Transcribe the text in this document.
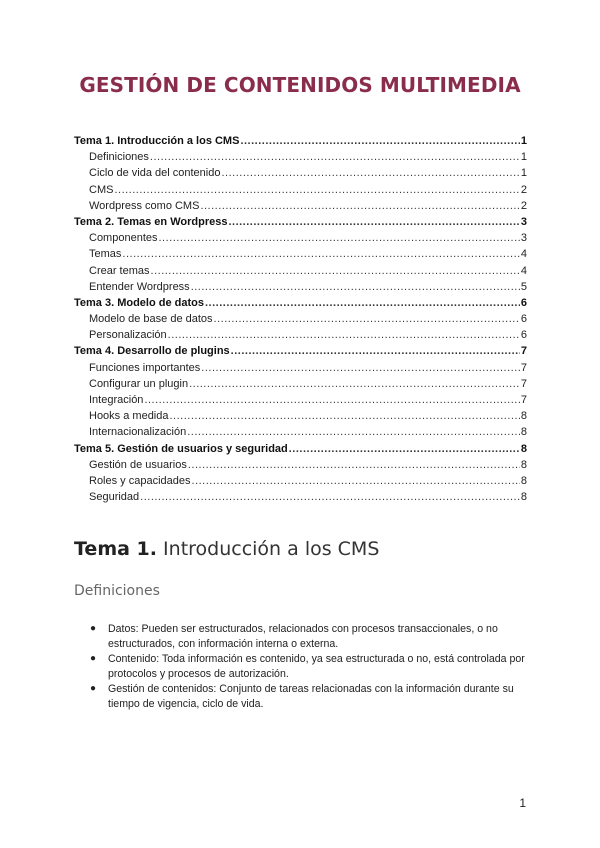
GESTIÓN DE CONTENIDOS MULTIMEDIA
Tema 1. Introducción a los CMS .....	1
Definiciones .....	1
Ciclo de vida del contenido .....	1
CMS .....	2
Wordpress como CMS .....	2
Tema 2. Temas en Wordpress .....	3
Componentes .....	3
Temas .....	4
Crear temas .....	4
Entender Wordpress .....	5
Tema 3. Modelo de datos .....	6
Modelo de base de datos .....	6
Personalización .....	6
Tema 4. Desarrollo de plugins .....	7
Funciones importantes .....	7
Configurar un plugin .....	7
Integración .....	7
Hooks a medida .....	8
Internacionalización .....	8
Tema 5. Gestión de usuarios y seguridad .....	8
Gestión de usuarios .....	8
Roles y capacidades .....	8
Seguridad .....	8
Tema 1. Introducción a los CMS
Definiciones
● Datos: Pueden ser estructurados, relacionados con procesos transaccionales, o no estructurados, con información interna o externa.
● Contenido: Toda información es contenido, ya sea estructurada o no, está controlada por protocolos y procesos de autorización.
● Gestión de contenidos: Conjunto de tareas relacionadas con la información durante su tiempo de vigencia, ciclo de vida.
1
